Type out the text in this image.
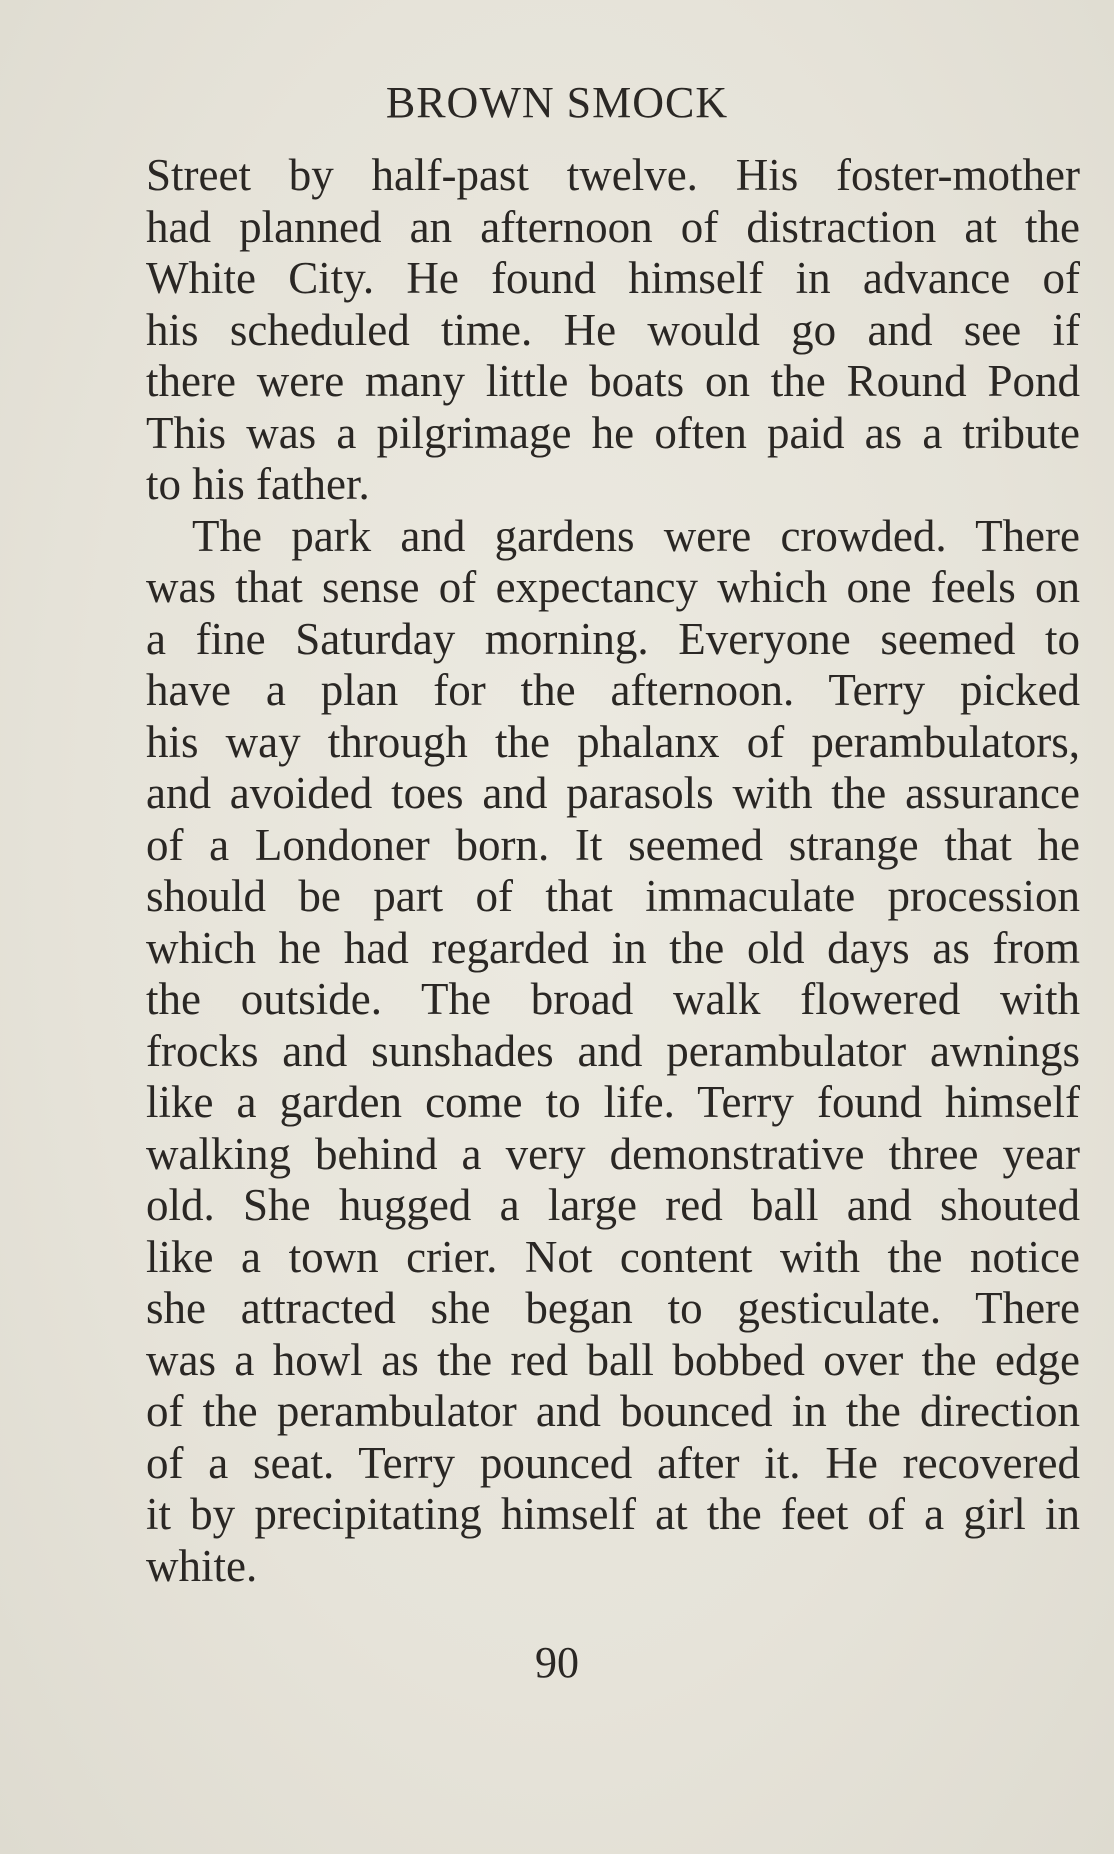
BROWN SMOCK
Street by half-past twelve. His foster-mother
had planned an afternoon of distraction at the
White City. He found himself in advance of
his scheduled time. He would go and see if
there were many little boats on the Round Pond
This was a pilgrimage he often paid as a tribute
to his father.
The park and gardens were crowded. There
was that sense of expectancy which one feels on
a fine Saturday morning. Everyone seemed to
have a plan for the afternoon. Terry picked
his way through the phalanx of perambulators,
and avoided toes and parasols with the assurance
of a Londoner born. It seemed strange that he
should be part of that immaculate procession
which he had regarded in the old days as from
the outside. The broad walk flowered with
frocks and sunshades and perambulator awnings
like a garden come to life. Terry found himself
walking behind a very demonstrative three year
old. She hugged a large red ball and shouted
like a town crier. Not content with the notice
she attracted she began to gesticulate. There
was a howl as the red ball bobbed over the edge
of the perambulator and bounced in the direction
of a seat. Terry pounced after it. He recovered
it by precipitating himself at the feet of a girl in
white.
90
